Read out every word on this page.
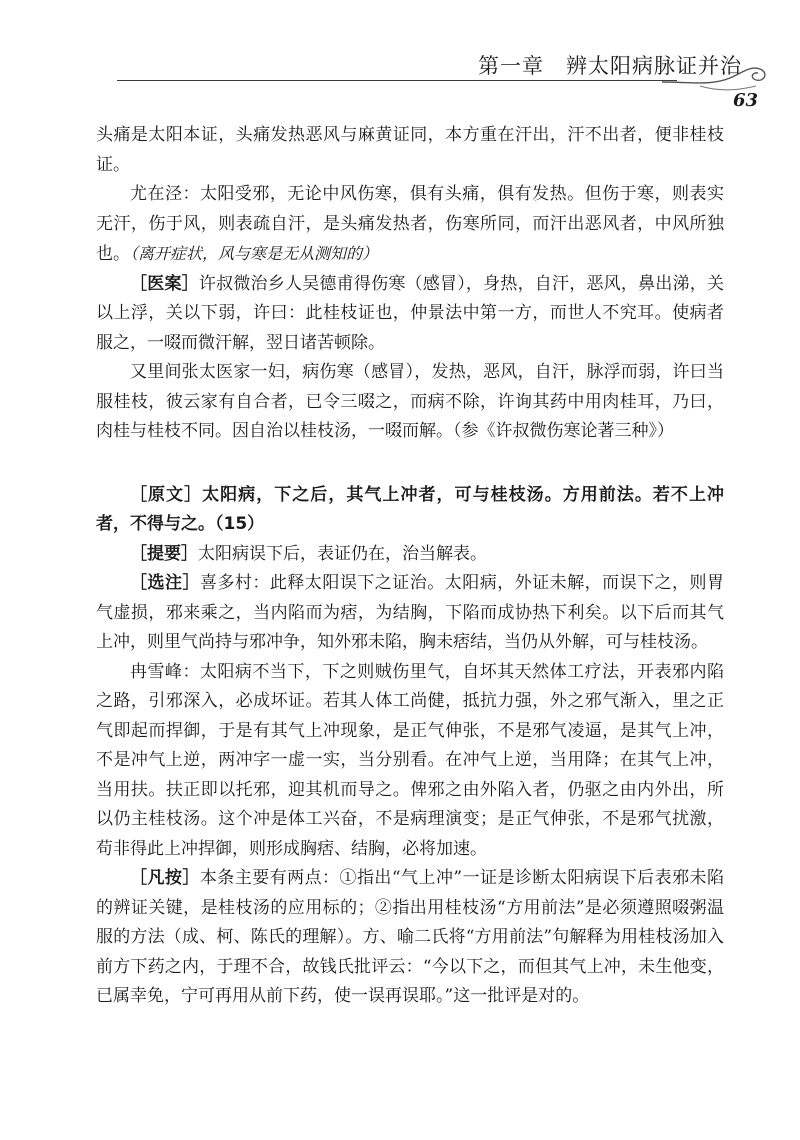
第一章　辨太阳病脉证并治
63

头痛是太阳本证，头痛发热恶风与麻黄证同，本方重在汗出，汗不出者，便非桂枝证。

尤在泾：太阳受邪，无论中风伤寒，俱有头痛，俱有发热。但伤于寒，则表实无汗，伤于风，则表疏自汗，是头痛发热者，伤寒所同，而汗出恶风者，中风所独也。（离开症状，风与寒是无从测知的）

［医案］许叔微治乡人吴德甫得伤寒（感冒），身热，自汗，恶风，鼻出涕，关以上浮，关以下弱，许曰：此桂枝证也，仲景法中第一方，而世人不究耳。使病者服之，一啜而微汗解，翌日诸苦顿除。

又里间张太医家一妇，病伤寒（感冒），发热，恶风，自汗，脉浮而弱，许曰当服桂枝，彼云家有自合者，已令三啜之，而病不除，许询其药中用肉桂耳，乃曰，肉桂与桂枝不同。因自治以桂枝汤，一啜而解。（参《许叔微伤寒论著三种》）

［原文］太阳病，下之后，其气上冲者，可与桂枝汤。方用前法。若不上冲者，不得与之。（15）

［提要］太阳病误下后，表证仍在，治当解表。

［选注］喜多村：此释太阳误下之证治。太阳病，外证未解，而误下之，则胃气虚损，邪来乘之，当内陷而为痞，为结胸，下陷而成协热下利矣。以下后而其气上冲，则里气尚持与邪冲争，知外邪未陷，胸未痞结，当仍从外解，可与桂枝汤。

冉雪峰：太阳病不当下，下之则贼伤里气，自坏其天然体工疗法，开表邪内陷之路，引邪深入，必成坏证。若其人体工尚健，抵抗力强，外之邪气渐入，里之正气即起而捍御，于是有其气上冲现象，是正气伸张，不是邪气凌逼，是其气上冲，不是冲气上逆，两冲字一虚一实，当分别看。在冲气上逆，当用降；在其气上冲，当用扶。扶正即以托邪，迎其机而导之。俾邪之由外陷入者，仍驱之由内外出，所以仍主桂枝汤。这个冲是体工兴奋，不是病理演变；是正气伸张，不是邪气扰激，苟非得此上冲捍御，则形成胸痞、结胸，必将加速。

［凡按］本条主要有两点：①指出“气上冲”一证是诊断太阳病误下后表邪未陷的辨证关键，是桂枝汤的应用标的；②指出用桂枝汤“方用前法”是必须遵照啜粥温服的方法（成、柯、陈氏的理解）。方、喻二氏将“方用前法”句解释为用桂枝汤加入前方下药之内，于理不合，故钱氏批评云：“今以下之，而但其气上冲，未生他变，已属幸免，宁可再用从前下药，使一误再误耶。”这一批评是对的。
